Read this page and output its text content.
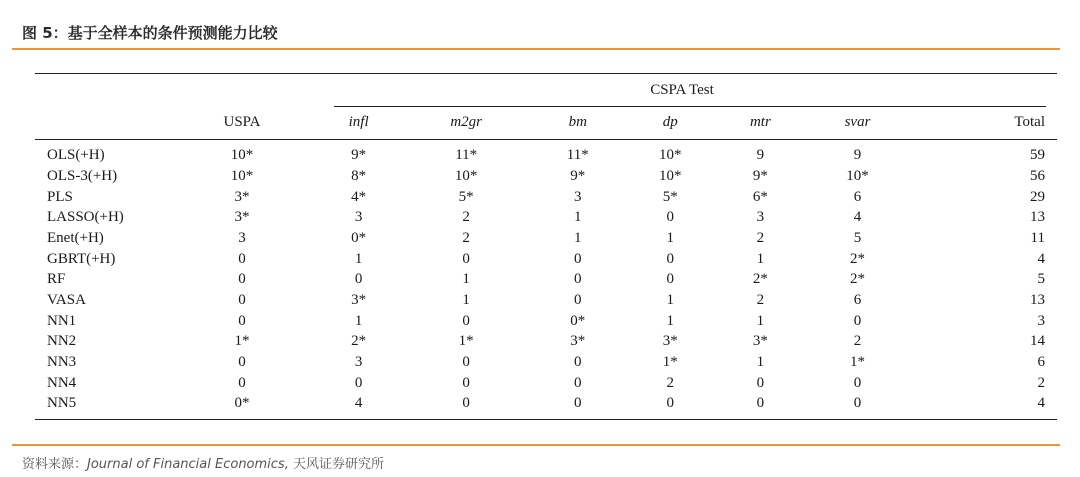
图 5：基于全样本的条件预测能力比较
		CSPA Test						
	USPA	infl	m2gr	bm	dp	mtr	svar	Total
OLS(+H)	10*	9*	11*	11*	10*	9	9	59
OLS-3(+H)	10*	8*	10*	9*	10*	9*	10*	56
PLS	3*	4*	5*	3	5*	6*	6	29
LASSO(+H)	3*	3	2	1	0	3	4	13
Enet(+H)	3	0*	2	1	1	2	5	11
GBRT(+H)	0	1	0	0	0	1	2*	4
RF	0	0	1	0	0	2*	2*	5
VASA	0	3*	1	0	1	2	6	13
NN1	0	1	0	0*	1	1	0	3
NN2	1*	2*	1*	3*	3*	3*	2	14
NN3	0	3	0	0	1*	1	1*	6
NN4	0	0	0	0	2	0	0	2
NN5	0*	4	0	0	0	0	0	4
资料来源：Journal of Financial Economics, 天风证券研究所
